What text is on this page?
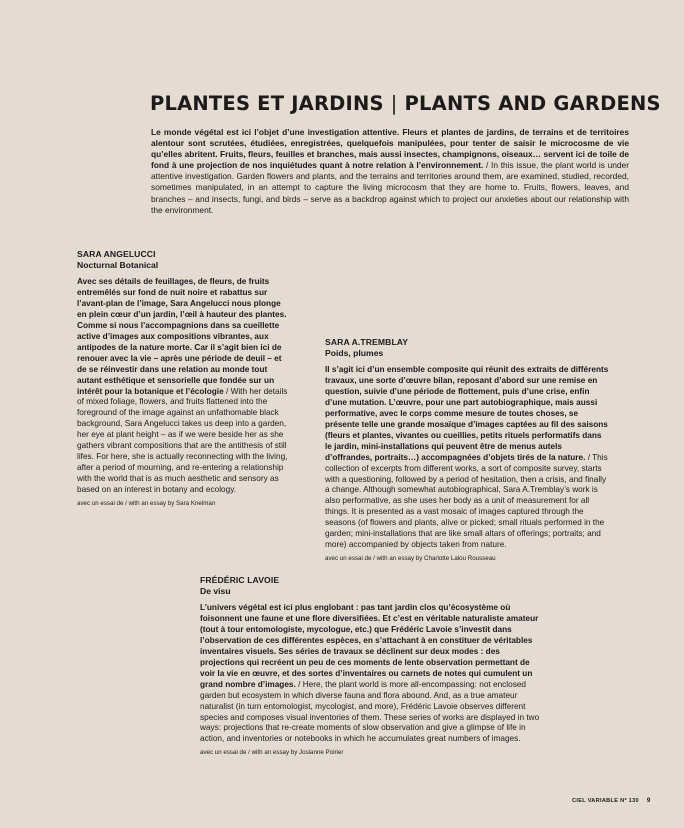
PLANTES ET JARDINS | PLANTS AND GARDENS

Le monde végétal est ici l’objet d’une investigation attentive. Fleurs et plantes de jardins, de terrains et de territoires alentour sont scrutées, étudiées, enregistrées, quelquefois manipulées, pour tenter de saisir le microcosme de vie qu’elles abritent. Fruits, fleurs, feuilles et branches, mais aussi insectes, champignons, oiseaux… servent ici de toile de fond à une projection de nos inquiétudes quant à notre relation à l’environnement. / In this issue, the plant world is under attentive investigation. Garden flowers and plants, and the terrains and territories around them, are examined, studied, recorded, sometimes manipulated, in an attempt to capture the living microcosm that they are home to. Fruits, flowers, leaves, and branches – and insects, fungi, and birds – serve as a backdrop against which to project our anxieties about our relationship with the environment.

SARA ANGELUCCI
Nocturnal Botanical

Avec ses détails de feuillages, de fleurs, de fruits entremêlés sur fond de nuit noire et rabattus sur l’avant-plan de l’image, Sara Angelucci nous plonge en plein cœur d’un jardin, l’œil à hauteur des plantes. Comme si nous l’accompagnions dans sa cueillette active d’images aux compositions vibrantes, aux antipodes de la nature morte. Car il s’agit bien ici de renouer avec la vie – après une période de deuil – et de se réinvestir dans une relation au monde tout autant esthétique et sensorielle que fondée sur un intérêt pour la botanique et l’écologie / With her details of mixed foliage, flowers, and fruits flattened into the foreground of the image against an unfathomable black background, Sara Angelucci takes us deep into a garden, her eye at plant height – as if we were beside her as she gathers vibrant compositions that are the antithesis of still lifes. For here, she is actually reconnecting with the living, after a period of mourning, and re-entering a relationship with the world that is as much aesthetic and sensory as based on an interest in botany and ecology.

avec un essai de / with an essay by Sara Knelman
SARA A.TREMBLAY
Poids, plumes

Il s’agit ici d’un ensemble composite qui réunit des extraits de différents travaux, une sorte d’œuvre bilan, reposant d’abord sur une remise en question, suivie d’une période de flottement, puis d’une crise, enfin d’une mutation. L’œuvre, pour une part autobiographique, mais aussi performative, avec le corps comme mesure de toutes choses, se présente telle une grande mosaïque d’images captées au fil des saisons (fleurs et plantes, vivantes ou cueillies, petits rituels performatifs dans le jardin, mini-installations qui peuvent être de menus autels d’offrandes, portraits…) accompagnées d’objets tirés de la nature. / This collection of excerpts from different works, a sort of composite survey, starts with a questioning, followed by a period of hesitation, then a crisis, and finally a change. Although somewhat autobiographical, Sara A.Tremblay’s work is also performative, as she uses her body as a unit of measurement for all things. It is presented as a vast mosaic of images captured through the seasons (of flowers and plants, alive or picked; small rituals performed in the garden; mini-installations that are like small altars of offerings; portraits; and more) accompanied by objects taken from nature.

avec un essai de / with an essay by Charlotte Lalou Rousseau
FRÉDÉRIC LAVOIE
De visu

L’univers végétal est ici plus englobant : pas tant jardin clos qu’écosystème où foisonnent une faune et une flore diversifiées. Et c’est en véritable naturaliste amateur (tout à tour entomologiste, mycologue, etc.) que Frédéric Lavoie s’investit dans l’observation de ces différentes espèces, en s’attachant à en constituer de véritables inventaires visuels. Ses séries de travaux se déclinent sur deux modes : des projections qui recréent un peu de ces moments de lente observation permettant de voir la vie en œuvre, et des sortes d’inventaires ou carnets de notes qui cumulent un grand nombre d’images. / Here, the plant world is more all-encompassing: not enclosed garden but ecosystem in which diverse fauna and flora abound. And, as a true amateur naturalist (in turn entomologist, mycologist, and more), Frédéric Lavoie observes different species and composes visual inventories of them. These series of works are displayed in two ways: projections that re-create moments of slow observation and give a glimpse of life in action, and inventories or notebooks in which he accumulates great numbers of images.

avec un essai de / with an essay by Josianne Poirier
CIEL VARIABLE Nº 130 9
